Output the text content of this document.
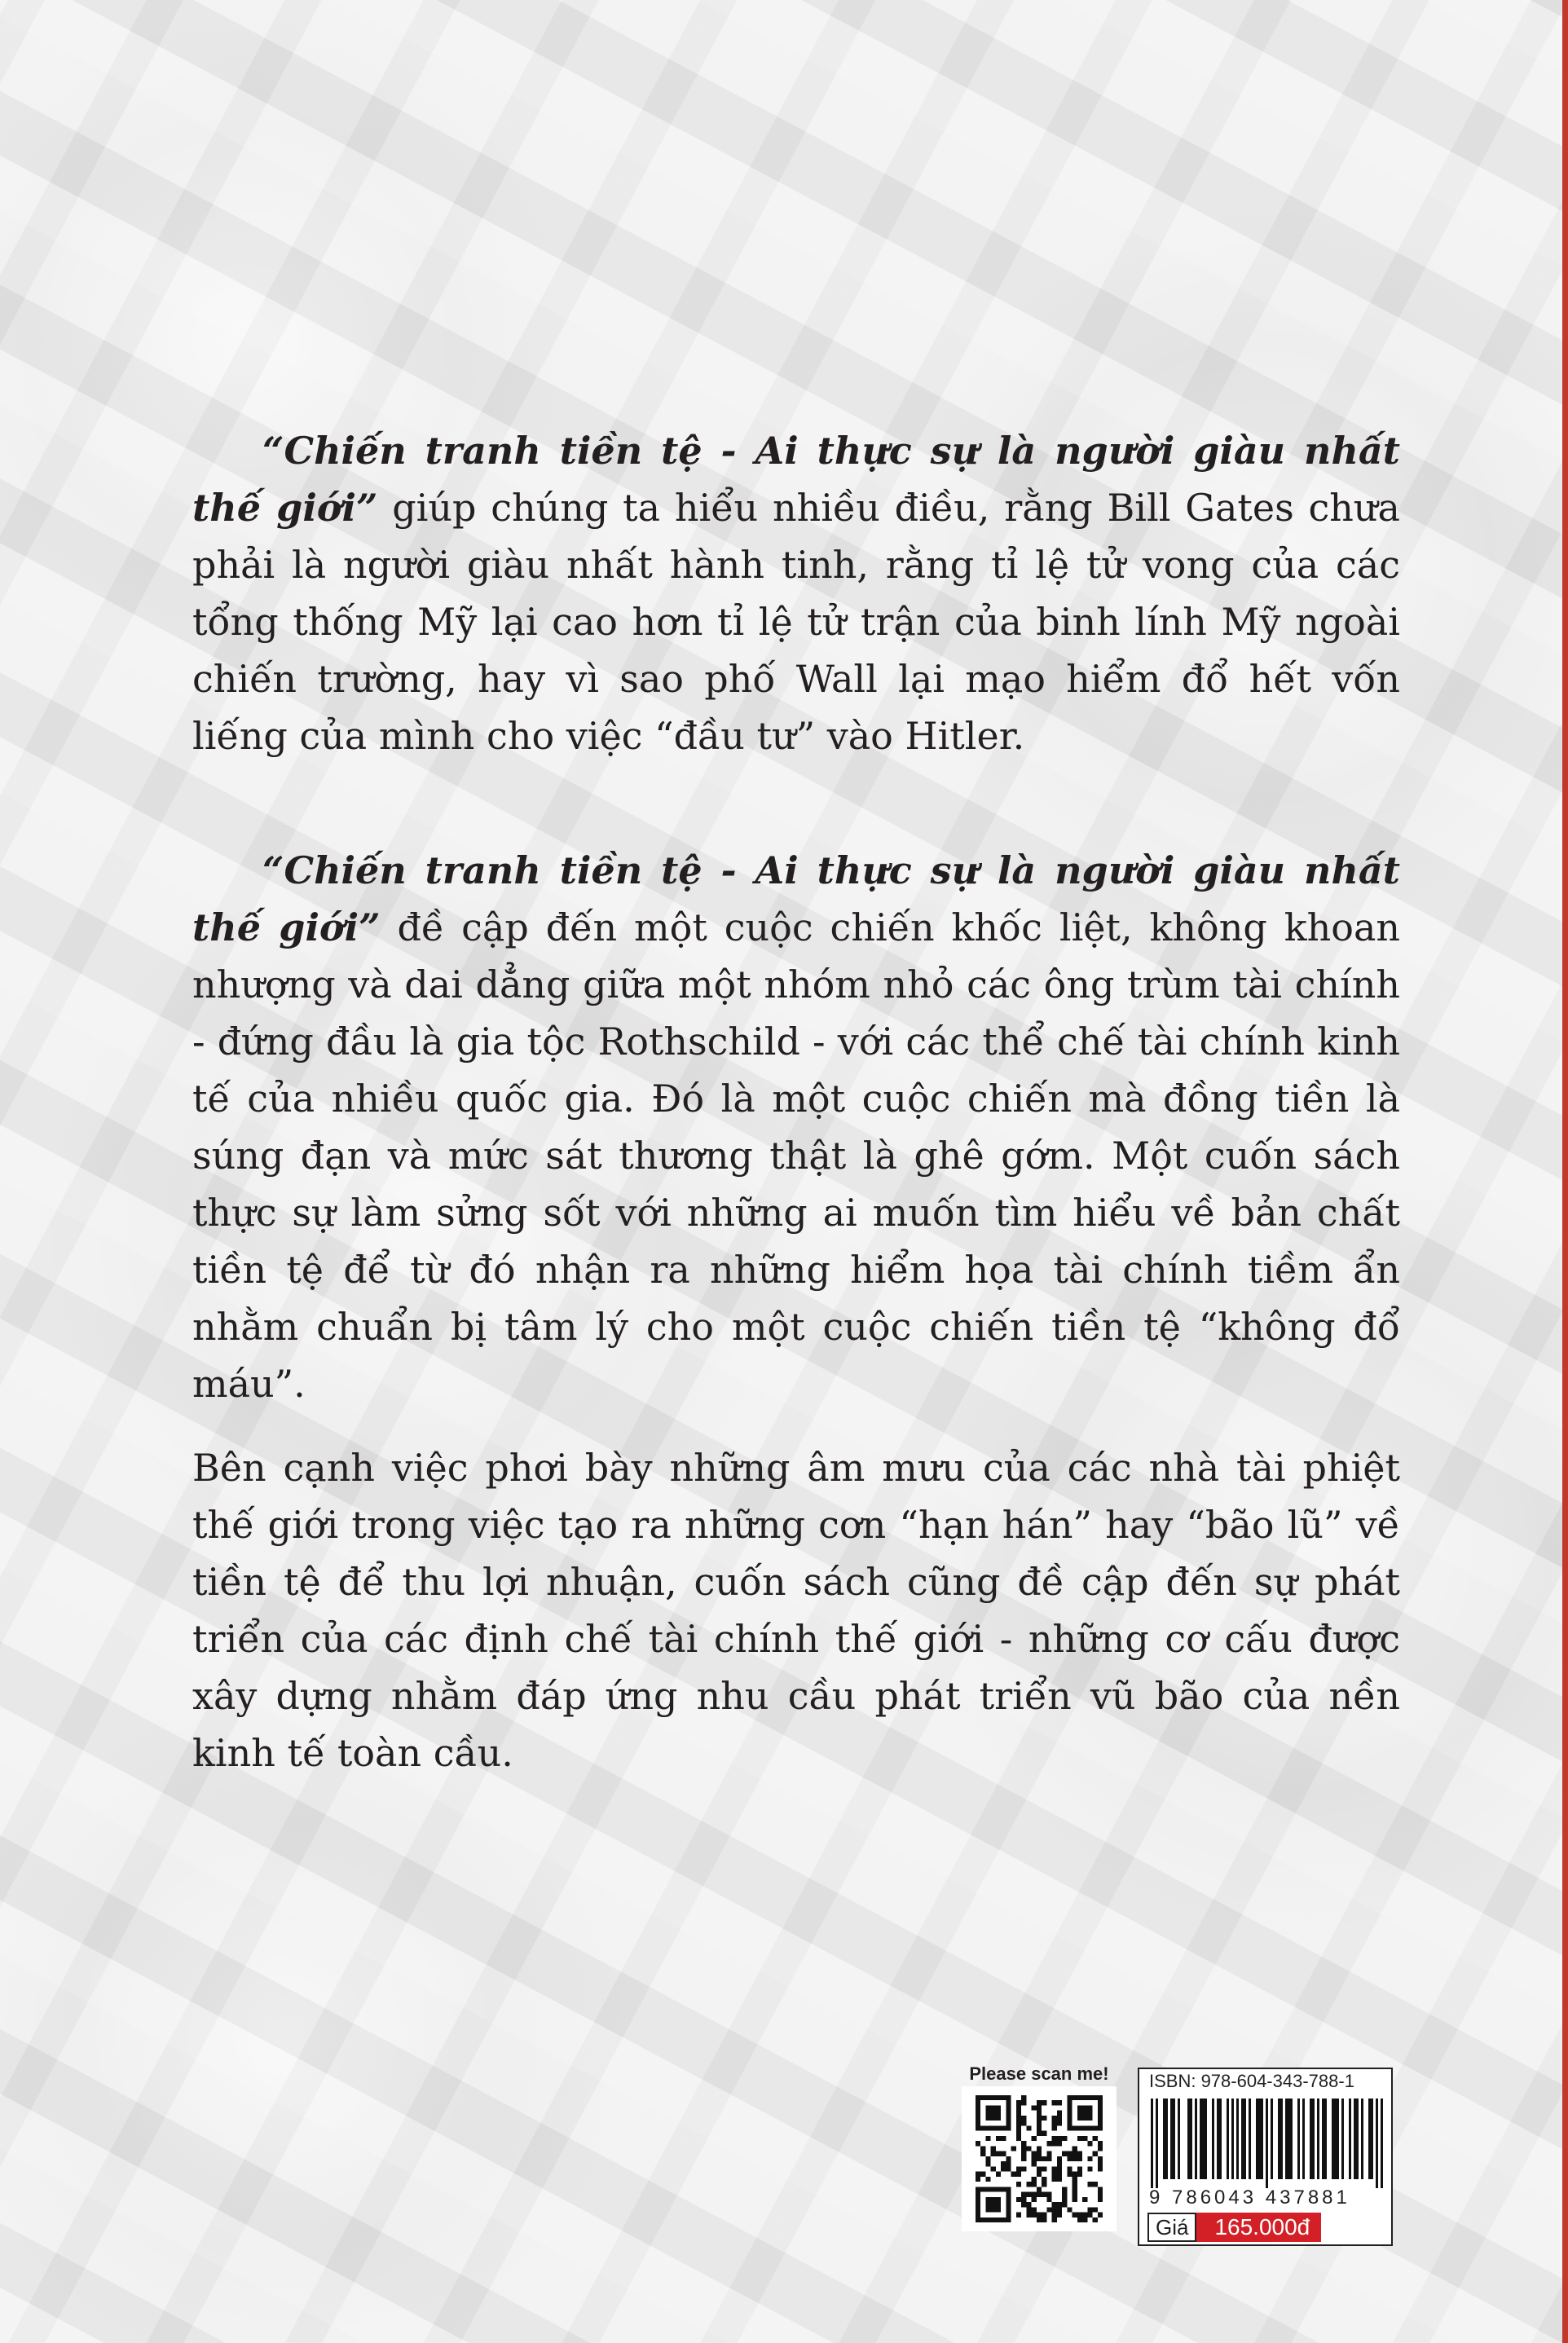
“Chiến tranh tiền tệ - Ai thực sự là người giàu nhất thế giới” giúp chúng ta hiểu nhiều điều, rằng Bill Gates chưa phải là người giàu nhất hành tinh, rằng tỉ lệ tử vong của các tổng thống Mỹ lại cao hơn tỉ lệ tử trận của binh lính Mỹ ngoài chiến trường, hay vì sao phố Wall lại mạo hiểm đổ hết vốn liếng của mình cho việc “đầu tư” vào Hitler.

“Chiến tranh tiền tệ - Ai thực sự là người giàu nhất thế giới” đề cập đến một cuộc chiến khốc liệt, không khoan nhượng và dai dẳng giữa một nhóm nhỏ các ông trùm tài chính - đứng đầu là gia tộc Rothschild - với các thể chế tài chính kinh tế của nhiều quốc gia. Đó là một cuộc chiến mà đồng tiền là súng đạn và mức sát thương thật là ghê gớm. Một cuốn sách thực sự làm sửng sốt với những ai muốn tìm hiểu về bản chất tiền tệ để từ đó nhận ra những hiểm họa tài chính tiềm ẩn nhằm chuẩn bị tâm lý cho một cuộc chiến tiền tệ “không đổ máu”.

Bên cạnh việc phơi bày những âm mưu của các nhà tài phiệt thế giới trong việc tạo ra những cơn “hạn hán” hay “bão lũ” về tiền tệ để thu lợi nhuận, cuốn sách cũng đề cập đến sự phát triển của các định chế tài chính thế giới - những cơ cấu được xây dựng nhằm đáp ứng nhu cầu phát triển vũ bão của nền kinh tế toàn cầu.

Please scan me!	ISBN: 978-604-343-788-1
9 786043 437881
Giá	165.000đ
